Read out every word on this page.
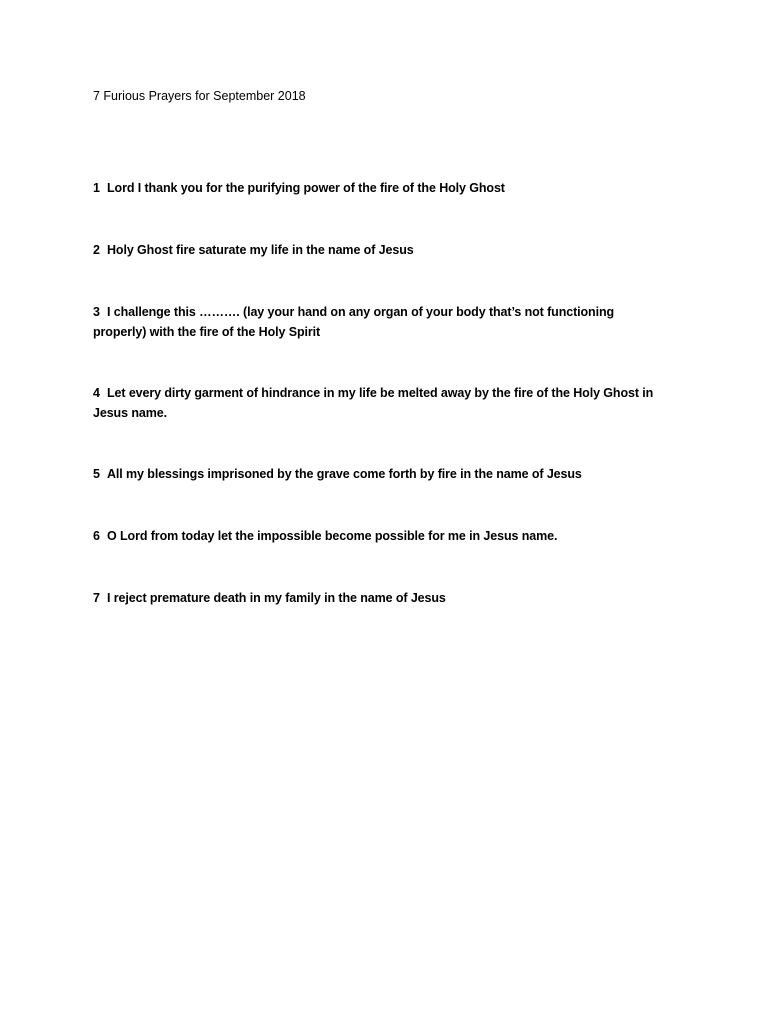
7 Furious Prayers for September 2018

1 Lord I thank you for the purifying power of the fire of the Holy Ghost

2 Holy Ghost fire saturate my life in the name of Jesus

3 I challenge this ………. (lay your hand on any organ of your body that’s not functioning properly) with the fire of the Holy Spirit

4 Let every dirty garment of hindrance in my life be melted away by the fire of the Holy Ghost in Jesus name.

5 All my blessings imprisoned by the grave come forth by fire in the name of Jesus

6 O Lord from today let the impossible become possible for me in Jesus name.

7 I reject premature death in my family in the name of Jesus
